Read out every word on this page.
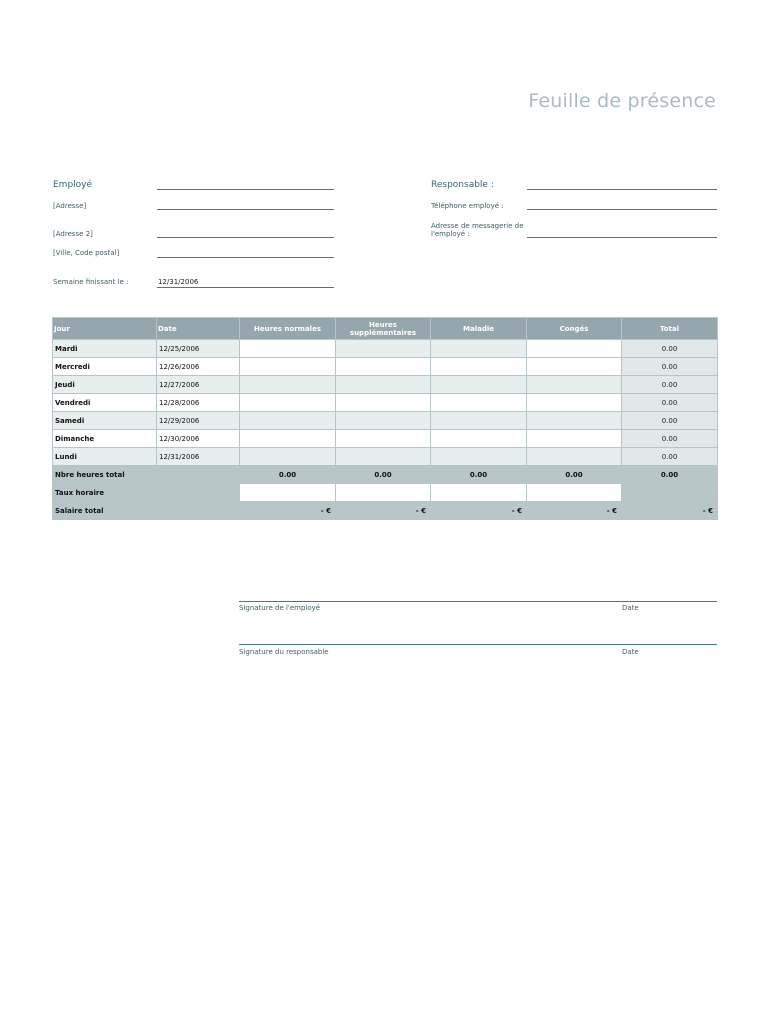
Feuille de présence
Employé
[Adresse]
[Adresse 2]
[Ville, Code postal]
Semaine finissant le :	12/31/2006
Responsable :
Téléphone employé :
Adresse de messagerie de
l'employé :
Jour	Date	Heures normales	Heures
supplémentaires	Maladie	Congés	Total
Mardi	12/25/2006					0.00
Mercredi	12/26/2006					0.00
Jeudi	12/27/2006					0.00
Vendredi	12/28/2006					0.00
Samedi	12/29/2006					0.00
Dimanche	12/30/2006					0.00
Lundi	12/31/2006					0.00
Nbre heures total		0.00	0.00	0.00	0.00	0.00
Taux horaire						
Salaire total		- €	- €	- €	- €	- €
Signature de l'employé	Date
Signature du responsable	Date
